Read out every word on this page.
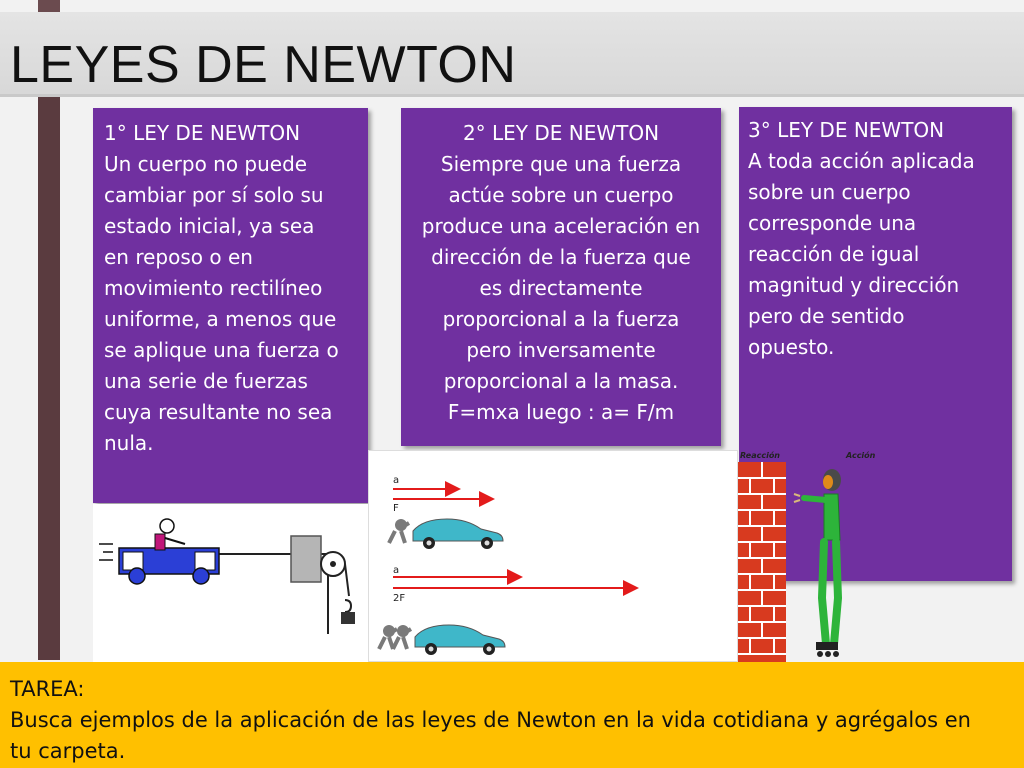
LEYES DE NEWTON
1° LEY DE NEWTON
Un cuerpo no puede
cambiar por sí solo su
estado inicial, ya sea
en reposo o en
movimiento rectilíneo
uniforme, a menos que
se aplique una fuerza o
una serie de fuerzas
cuya resultante no sea
nula.
2° LEY DE NEWTON
Siempre que una fuerza
actúe sobre un cuerpo
produce una aceleración en
dirección de la fuerza que
es directamente
proporcional a la fuerza
pero inversamente
proporcional a la masa.
F=mxa luego : a= F/m
3° LEY DE NEWTON
A toda acción aplicada
sobre un cuerpo
corresponde una
reacción de igual
magnitud y dirección
pero de sentido
opuesto.
a
F
a
2F
Reacción	Acción
TAREA:
Busca ejemplos de la aplicación de las leyes de Newton en la vida cotidiana y agrégalos en
tu carpeta.
